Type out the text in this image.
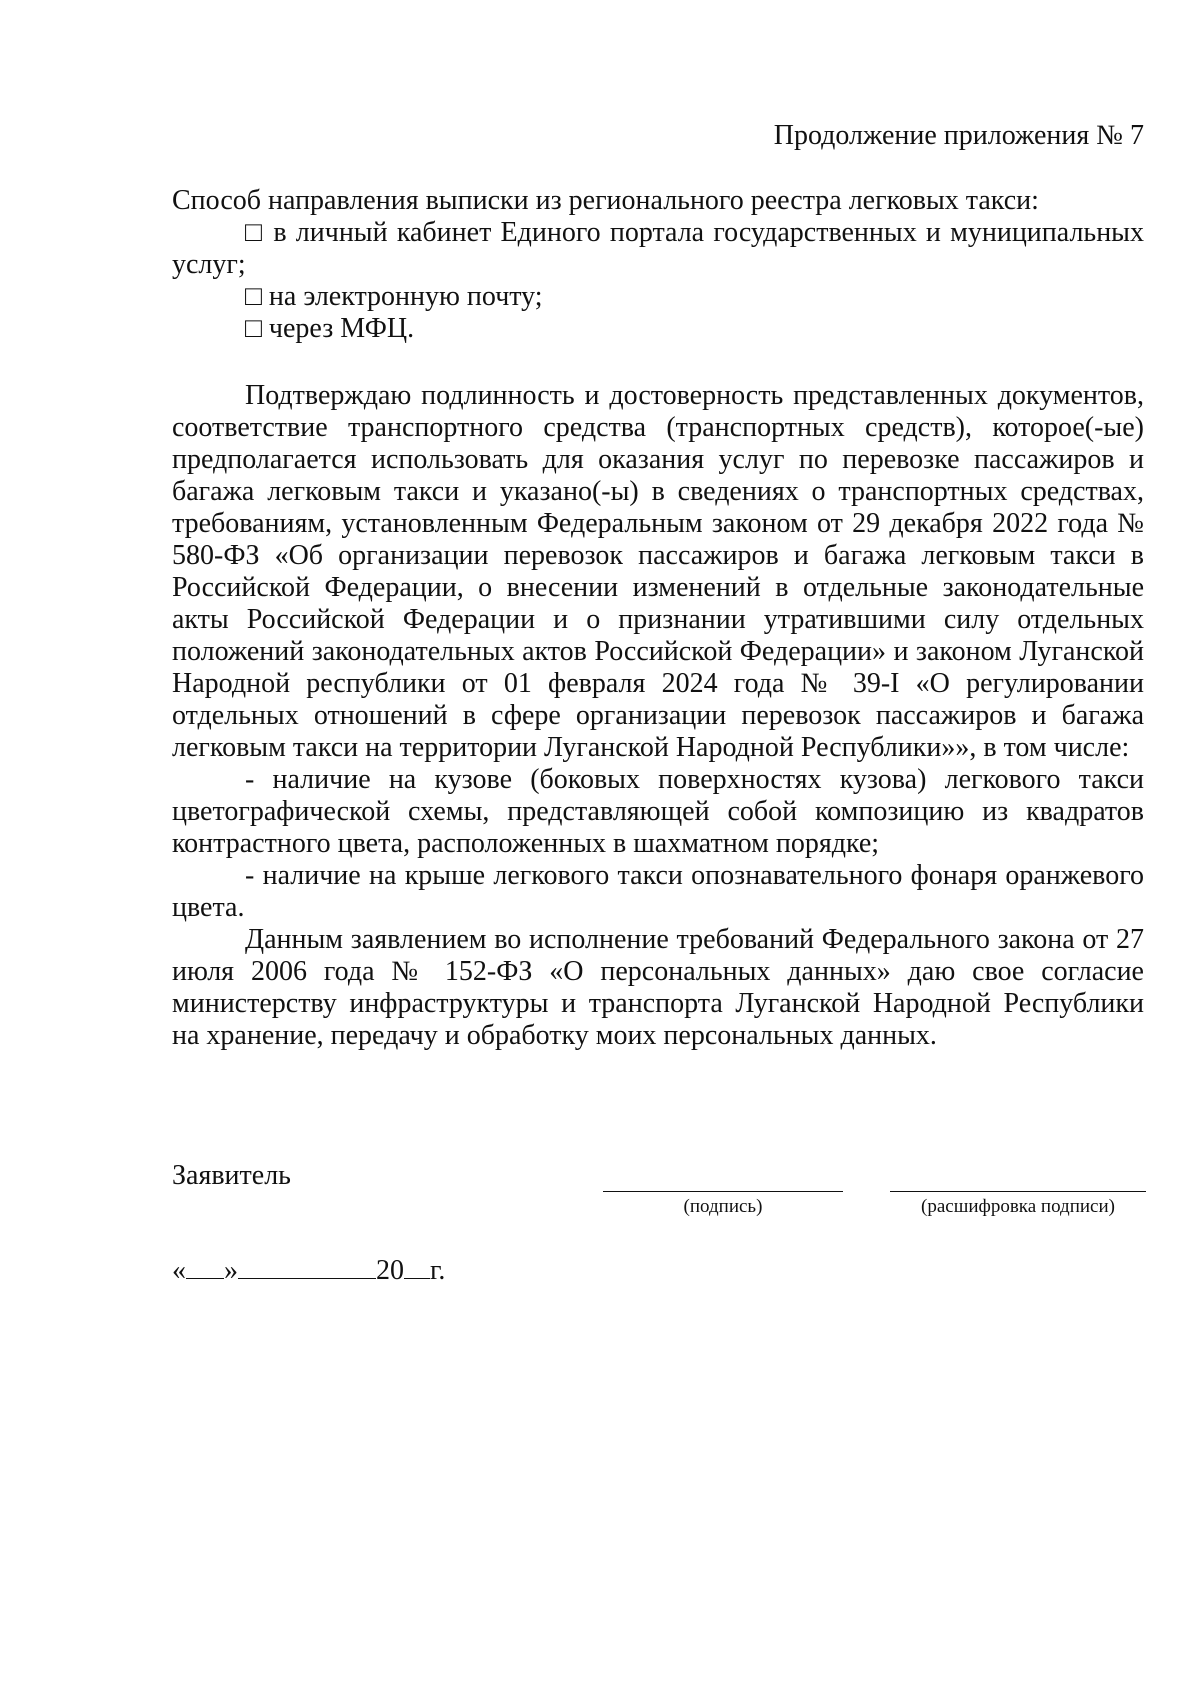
Продолжение приложения № 7

Способ направления выписки из регионального реестра легковых такси:

□ в личный кабинет Единого портала государственных и муниципальных услуг;

□ на электронную почту;

□ через МФЦ.

Подтверждаю подлинность и достоверность представленных документов, соответствие транспортного средства (транспортных средств), которое(-ые) предполагается использовать для оказания услуг по перевозке пассажиров и багажа легковым такси и указано(-ы) в сведениях о транспортных средствах, требованиям, установленным Федеральным законом от 29 декабря 2022 года № 580-ФЗ «Об организации перевозок пассажиров и багажа легковым такси в Российской Федерации, о внесении изменений в отдельные законодательные акты Российской Федерации и о признании утратившими силу отдельных положений законодательных актов Российской Федерации» и законом Луганской Народной республики от 01 февраля 2024 года № 39-I «О регулировании отдельных отношений в сфере организации перевозок пассажиров и багажа легковым такси на территории Луганской Народной Республики»», в том числе:

- наличие на кузове (боковых поверхностях кузова) легкового такси цветографической схемы, представляющей собой композицию из квадратов контрастного цвета, расположенных в шахматном порядке;

- наличие на крыше легкового такси опознавательного фонаря оранжевого цвета.

Данным заявлением во исполнение требований Федерального закона от 27 июля 2006 года № 152-ФЗ «О персональных данных» даю свое согласие министерству инфраструктуры и транспорта Луганской Народной Республики на хранение, передачу и обработку моих персональных данных.

Заявитель
(подпись)	(расшифровка подписи)
« »	20 г.
